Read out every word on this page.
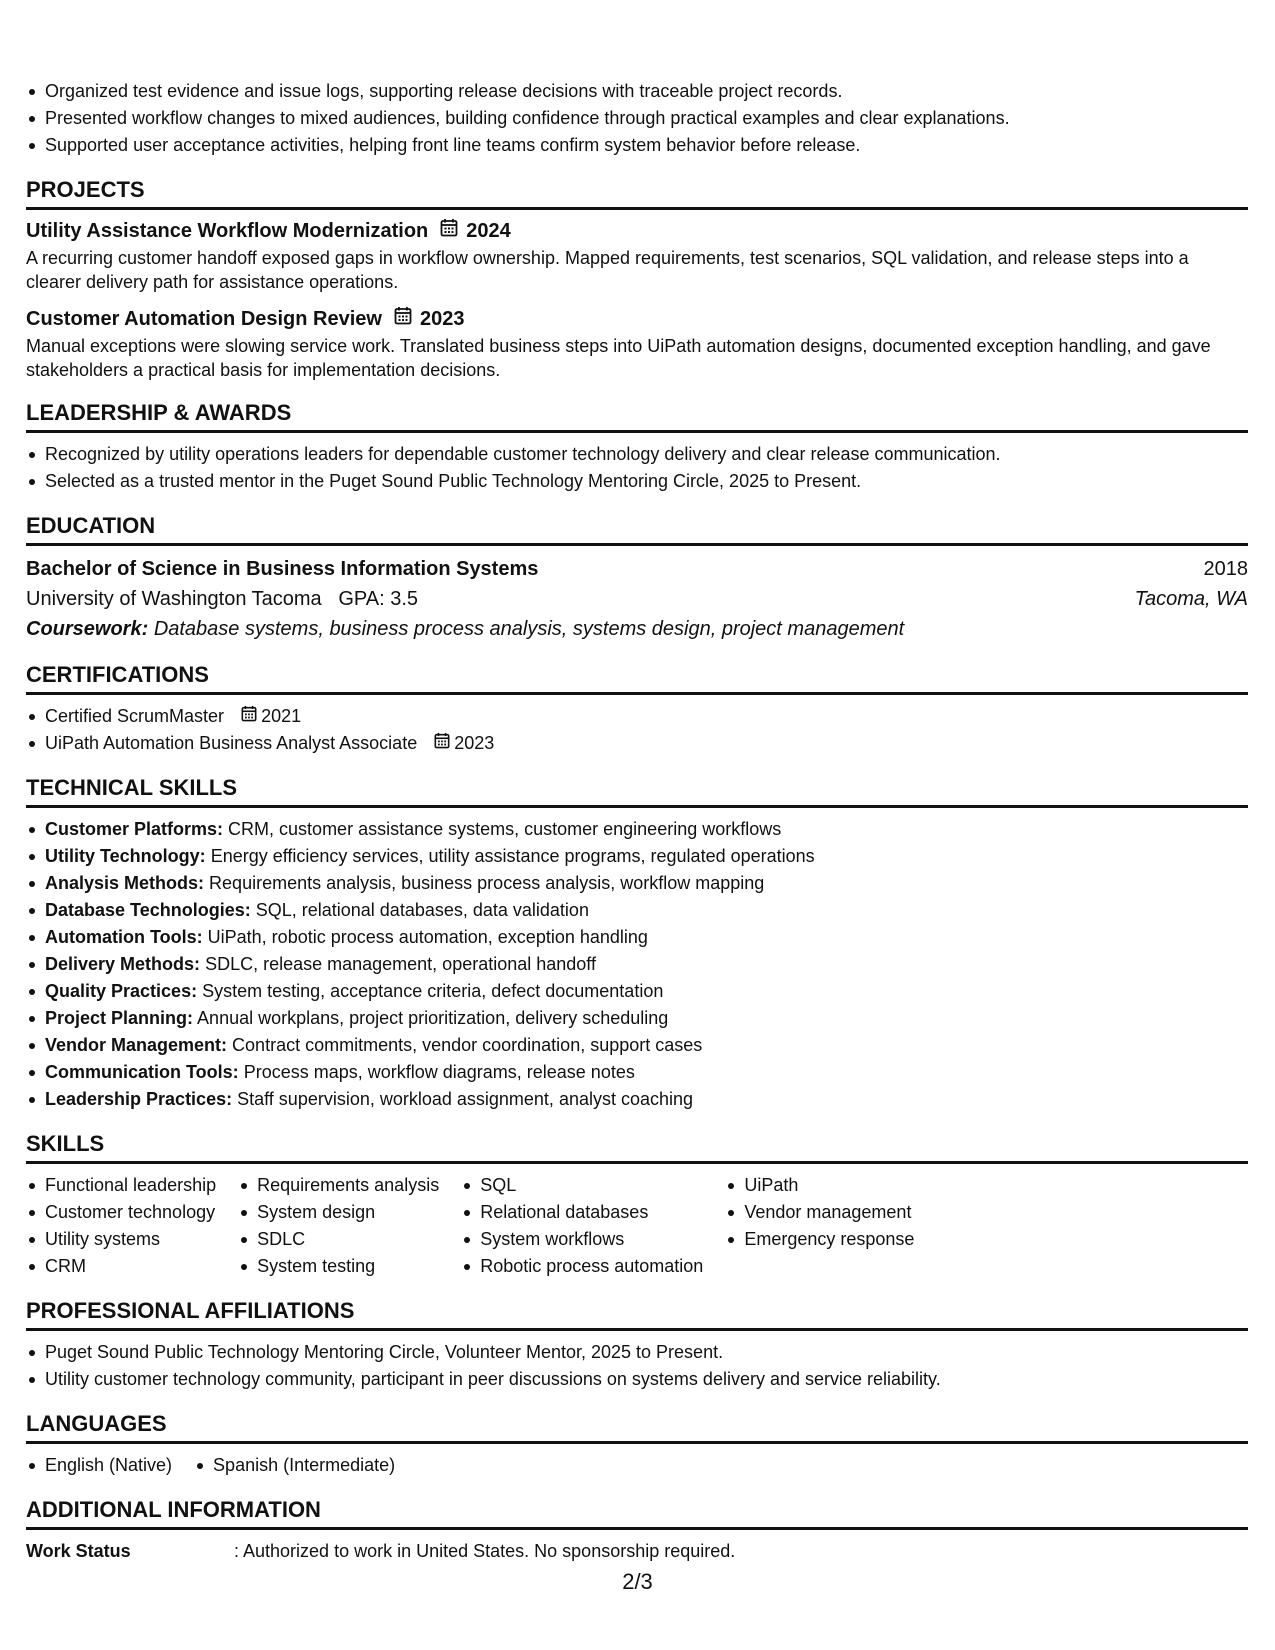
Organized test evidence and issue logs, supporting release decisions with traceable project records.
Presented workflow changes to mixed audiences, building confidence through practical examples and clear explanations.
Supported user acceptance activities, helping front line teams confirm system behavior before release.
PROJECTS
Utility Assistance Workflow Modernization 2024
A recurring customer handoff exposed gaps in workflow ownership. Mapped requirements, test scenarios, SQL validation, and release steps into a clearer delivery path for assistance operations.
Customer Automation Design Review 2023
Manual exceptions were slowing service work. Translated business steps into UiPath automation designs, documented exception handling, and gave stakeholders a practical basis for implementation decisions.
LEADERSHIP & AWARDS
Recognized by utility operations leaders for dependable customer technology delivery and clear release communication.
Selected as a trusted mentor in the Puget Sound Public Technology Mentoring Circle, 2025 to Present.
EDUCATION
Bachelor of Science in Business Information Systems	2018
University of Washington Tacoma GPA: 3.5	Tacoma, WA
Coursework: Database systems, business process analysis, systems design, project management
CERTIFICATIONS
Certified ScrumMaster 2021
UiPath Automation Business Analyst Associate 2023
TECHNICAL SKILLS
Customer Platforms: CRM, customer assistance systems, customer engineering workflows
Utility Technology: Energy efficiency services, utility assistance programs, regulated operations
Analysis Methods: Requirements analysis, business process analysis, workflow mapping
Database Technologies: SQL, relational databases, data validation
Automation Tools: UiPath, robotic process automation, exception handling
Delivery Methods: SDLC, release management, operational handoff
Quality Practices: System testing, acceptance criteria, defect documentation
Project Planning: Annual workplans, project prioritization, delivery scheduling
Vendor Management: Contract commitments, vendor coordination, support cases
Communication Tools: Process maps, workflow diagrams, release notes
Leadership Practices: Staff supervision, workload assignment, analyst coaching
SKILLS
Functional leadership
Customer technology
Utility systems
CRM
Requirements analysis
System design
SDLC
System testing
SQL
Relational databases
System workflows
Robotic process automation
UiPath
Vendor management
Emergency response
PROFESSIONAL AFFILIATIONS
Puget Sound Public Technology Mentoring Circle, Volunteer Mentor, 2025 to Present.
Utility customer technology community, participant in peer discussions on systems delivery and service reliability.
LANGUAGES
English (Native)	Spanish (Intermediate)
ADDITIONAL INFORMATION
Work Status	: Authorized to work in United States. No sponsorship required.
2/3
